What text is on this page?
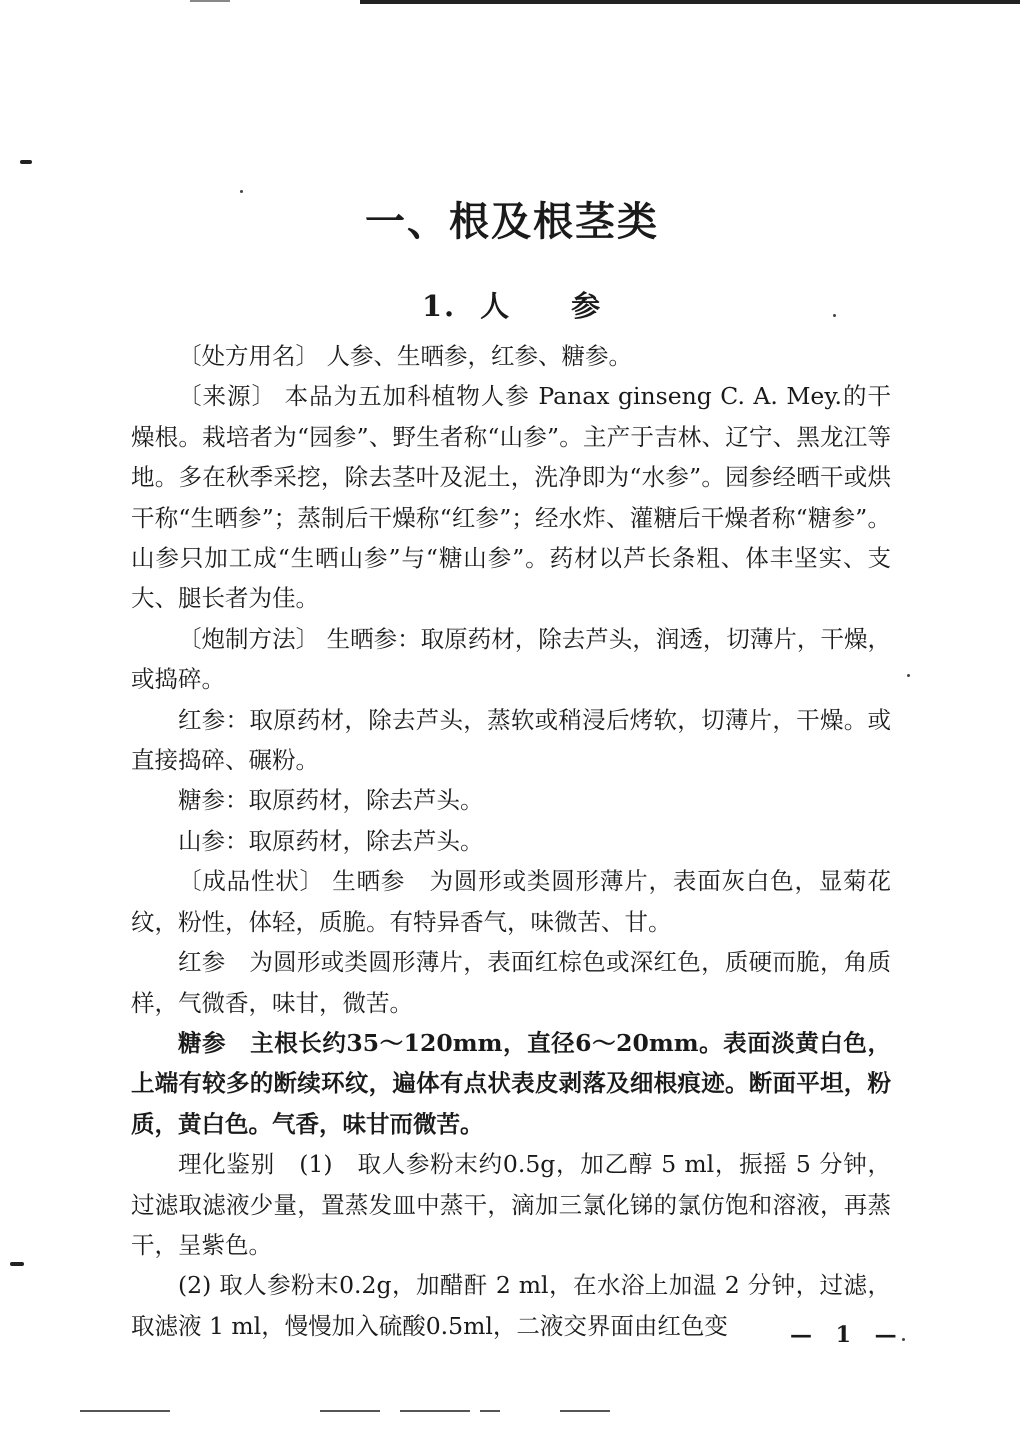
一、根及根茎类
1. 人 参

〔处方用名〕 人参、生晒参，红参、糖参。

〔来源〕 本品为五加科植物人参 Panax ginseng C. A. Mey.的干燥根。栽培者为“园参”、野生者称“山参”。主产于吉林、辽宁、黑龙江等地。多在秋季采挖，除去茎叶及泥土，洗净即为“水参”。园参经晒干或烘干称“生晒参”；蒸制后干燥称“红参”；经水炸、灌糖后干燥者称“糖参”。山参只加工成“生晒山参”与“糖山参”。药材以芦长条粗、体丰坚实、支大、腿长者为佳。

〔炮制方法〕 生晒参：取原药材，除去芦头，润透，切薄片，干燥，或捣碎。

红参：取原药材，除去芦头，蒸软或稍浸后烤软，切薄片，干燥。或直接捣碎、碾粉。

糖参：取原药材，除去芦头。

山参：取原药材，除去芦头。

〔成品性状〕 生晒参　为圆形或类圆形薄片，表面灰白色，显菊花纹，粉性，体轻，质脆。有特异香气，味微苦、甘。

红参　为圆形或类圆形薄片，表面红棕色或深红色，质硬而脆，角质样，气微香，味甘，微苦。

糖参　主根长约35～120mm，直径6～20mm。表面淡黄白色，上端有较多的断续环纹，遍体有点状表皮剥落及细根痕迹。断面平坦，粉质，黄白色。气香，味甘而微苦。

理化鉴别　(1)　取人参粉末约0.5g，加乙醇 5 ml，振摇 5 分钟，过滤取滤液少量，置蒸发皿中蒸干，滴加三氯化锑的氯仿饱和溶液，再蒸干，呈紫色。

(2) 取人参粉末0.2g，加醋酐 2 ml，在水浴上加温 2 分钟，过滤，取滤液 1 ml，慢慢加入硫酸0.5ml，二液交界面由红色变	— 1 —
